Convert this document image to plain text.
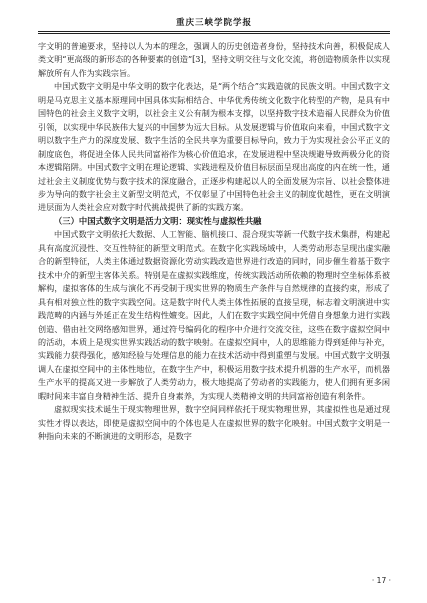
重庆三峡学院学报

字文明的普遍要求，坚持以人为本的理念，强调人的历史创造者身份，坚持技术向善，积极促成人类文明“更高级的新形态的各种要素的创造”[3]，坚持文明交往与文化交流，将创造物质条件以实现解放所有人作为实践宗旨。

中国式数字文明是中华文明的数字化表达，是“两个结合”实践造就的民族文明。中国式数字文明是马克思主义基本原理同中国具体实际相结合、中华优秀传统文化数字化转型的产物，是具有中国特色的社会主义数字文明，以社会主义公有制为根本支撑，以坚持数字技术造福人民群众为价值引领，以实现中华民族伟大复兴的中国梦为远大目标。从发展逻辑与价值取向来看，中国式数字文明以数字生产力的深度发展、数字生活的全民共享为重要目标导向，致力于为实现社会公平正义的制度底色，将促进全体人民共同富裕作为核心价值追求，在发展进程中坚决规避导致两极分化的资本逻辑陷阱。中国式数字文明在理论逻辑、实践进程及价值目标层面呈现出高度的内在统一性，通过社会主义制度优势与数字技术的深度融合，正逐步构建起以人的全面发展为宗旨、以社会整体进步为导向的数字社会主义新型文明范式，不仅彰显了中国特色社会主义的制度优越性，更在文明演进层面为人类社会应对数字时代挑战提供了新的实践方案。

（三）中国式数字文明是活力文明：现实性与虚拟性共融

中国式数字文明依托大数据、人工智能、脑机接口、混合现实等新一代数字技术集群，构建起具有高度沉浸性、交互性特征的新型文明范式。在数字化实践场域中，人类劳动形态呈现出虚实融合的新型特征，人类主体通过数据资源化劳动实践改造世界进行改造的同时，同步催生着基于数字技术中介的新型主客体关系。特别是在虚拟实践维度，传统实践活动所依赖的物理时空坐标体系被解构，虚拟客体的生成与演化不再受制于现实世界的物质生产条件与自然规律的直接约束，形成了具有相对独立性的数字实践空间。这是数字时代人类主体性拓展的直接呈现，标志着文明演进中实践范畴的内涵与外延正在发生结构性嬗变。因此，人们在数字实践空间中凭借自身想象力进行实践创造、借由社交网络感知世界，通过符号编码化的程序中介进行交流交往，这些在数字虚拟空间中的活动，本质上是现实世界实践活动的数字映射。在虚拟空间中，人的思维能力得到延伸与补充，实践能力获得强化，感知经验与处理信息的能力在技术活动中得到重塑与发展。中国式数字文明强调人在虚拟空间中的主体性地位，在数字生产中，积极运用数字技术提升机器的生产水平，而机器生产水平的提高又进一步解放了人类劳动力，极大地提高了劳动者的实践能力，使人们拥有更多闲暇时间来丰富自身精神生活、提升自身素养，为实现人类精神文明的共同富裕创造有利条件。

虚拟现实技术诞生于现实物理世界，数字空间同样依托于现实物理世界，其虚拟性也是通过现实性才得以表达，即使是虚拟空间中的个体也是人在虚拟世界的数字化映射。中国式数字文明是一种指向未来的不断演进的文明形态，是数字

· 17 ·
